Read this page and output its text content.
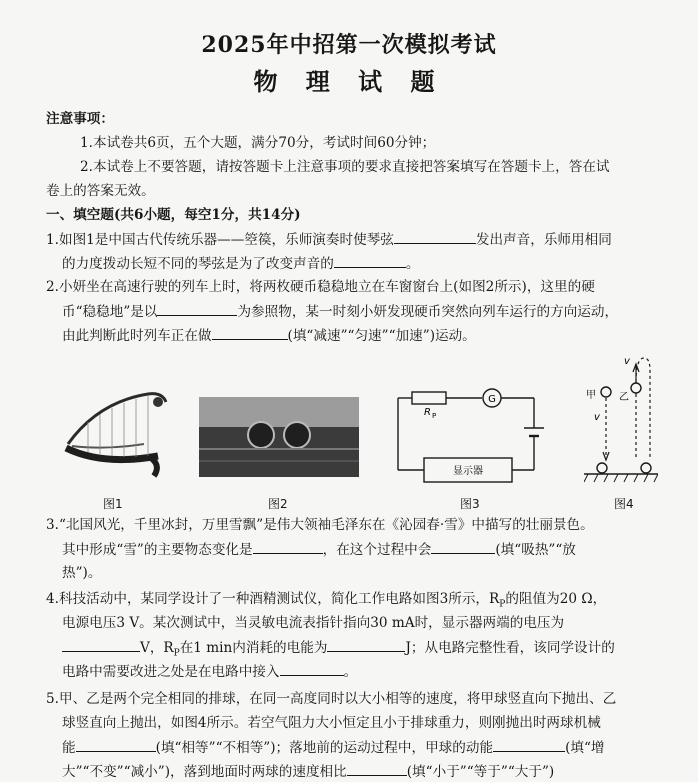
2025年中招第一次模拟考试
物 理 试 题
注意事项：
1.本试卷共6页，五个大题，满分70分，考试时间60分钟；
2.本试卷上不要答题，请按答题卡上注意事项的要求直接把答案填写在答题卡上，答在试
卷上的答案无效。
一、填空题(共6小题，每空1分，共14分)
1.如图1是中国古代传统乐器——箜篌，乐师演奏时使琴弦	发出声音，乐师用相同
的力度拨动长短不同的琴弦是为了改变声音的	。
2.小妍坐在高速行驶的列车上时，将两枚硬币稳稳地立在车窗窗台上(如图2所示)，这里的硬
币“稳稳地”是以	为参照物，某一时刻小妍发现硬币突然向列车运行的方向运动，
由此判断此时列车正在做	(填“减速”“匀速”“加速”)运动。
图1	图2
R P
G
显示器
图3
甲 乙
v
v
图4
3.“北国风光，千里冰封，万里雪飘”是伟大领袖毛泽东在《沁园春·雪》中描写的壮丽景色。
其中形成“雪”的主要物态变化是	，在这个过程中会	(填“吸热”“放
热”)。
4.科技活动中，某同学设计了一种酒精测试仪，简化工作电路如图3所示，$R_P$的阻值为20 Ω，
电源电压3 V。某次测试中，当灵敏电流表指针指向30 mA时，显示器两端的电压为
V，$R_P$在1 min内消耗的电能为	J；从电路完整性看，该同学设计的
电路中需要改进之处是在电路中接入	。
5.甲、乙是两个完全相同的排球，在同一高度同时以大小相等的速度，将甲球竖直向下抛出、乙
球竖直向上抛出，如图4所示。若空气阻力大小恒定且小于排球重力，则刚抛出时两球机械
能	(填“相等”“不相等”)；落地前的运动过程中，甲球的动能	(填“增
大”“不变”“减小”)，落到地面时两球的速度相比	(填“小于”“等于”“大于”)
